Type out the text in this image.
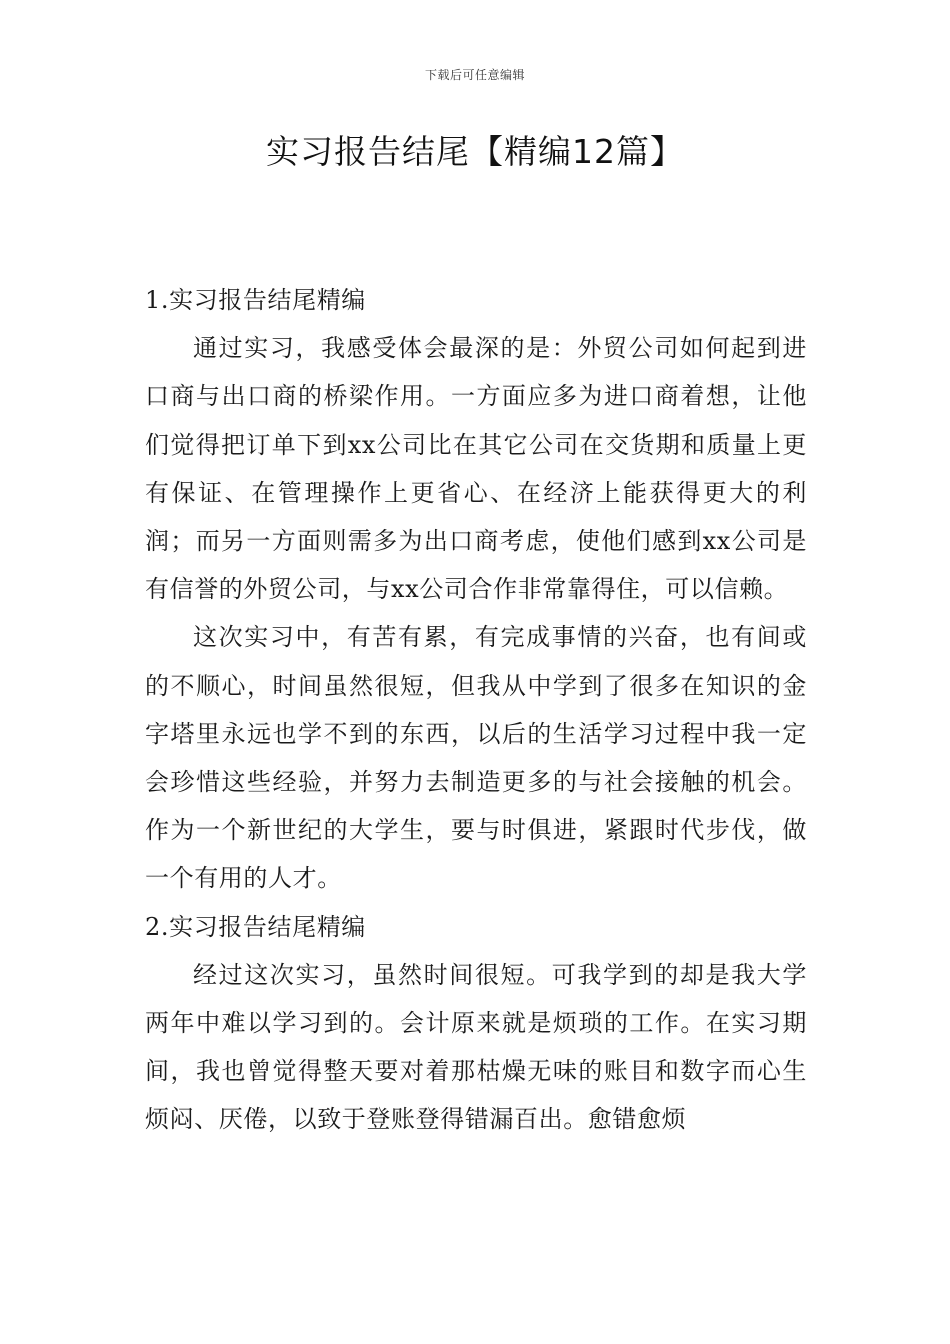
下载后可任意编辑
实习报告结尾【精编12篇】
1.实习报告结尾精编

通过实习，我感受体会最深的是：外贸公司如何起到进口商与出口商的桥梁作用。一方面应多为进口商着想，让他们觉得把订单下到xx公司比在其它公司在交货期和质量上更有保证、在管理操作上更省心、在经济上能获得更大的利润；而另一方面则需多为出口商考虑，使他们感到xx公司是有信誉的外贸公司，与xx公司合作非常靠得住，可以信赖。

这次实习中，有苦有累，有完成事情的兴奋，也有间或的不顺心，时间虽然很短，但我从中学到了很多在知识的金字塔里永远也学不到的东西，以后的生活学习过程中我一定会珍惜这些经验，并努力去制造更多的与社会接触的机会。作为一个新世纪的大学生，要与时俱进，紧跟时代步伐，做一个有用的人才。

2.实习报告结尾精编

经过这次实习，虽然时间很短。可我学到的却是我大学两年中难以学习到的。会计原来就是烦琐的工作。在实习期间，我也曾觉得整天要对着那枯燥无味的账目和数字而心生烦闷、厌倦，以致于登账登得错漏百出。愈错愈烦
